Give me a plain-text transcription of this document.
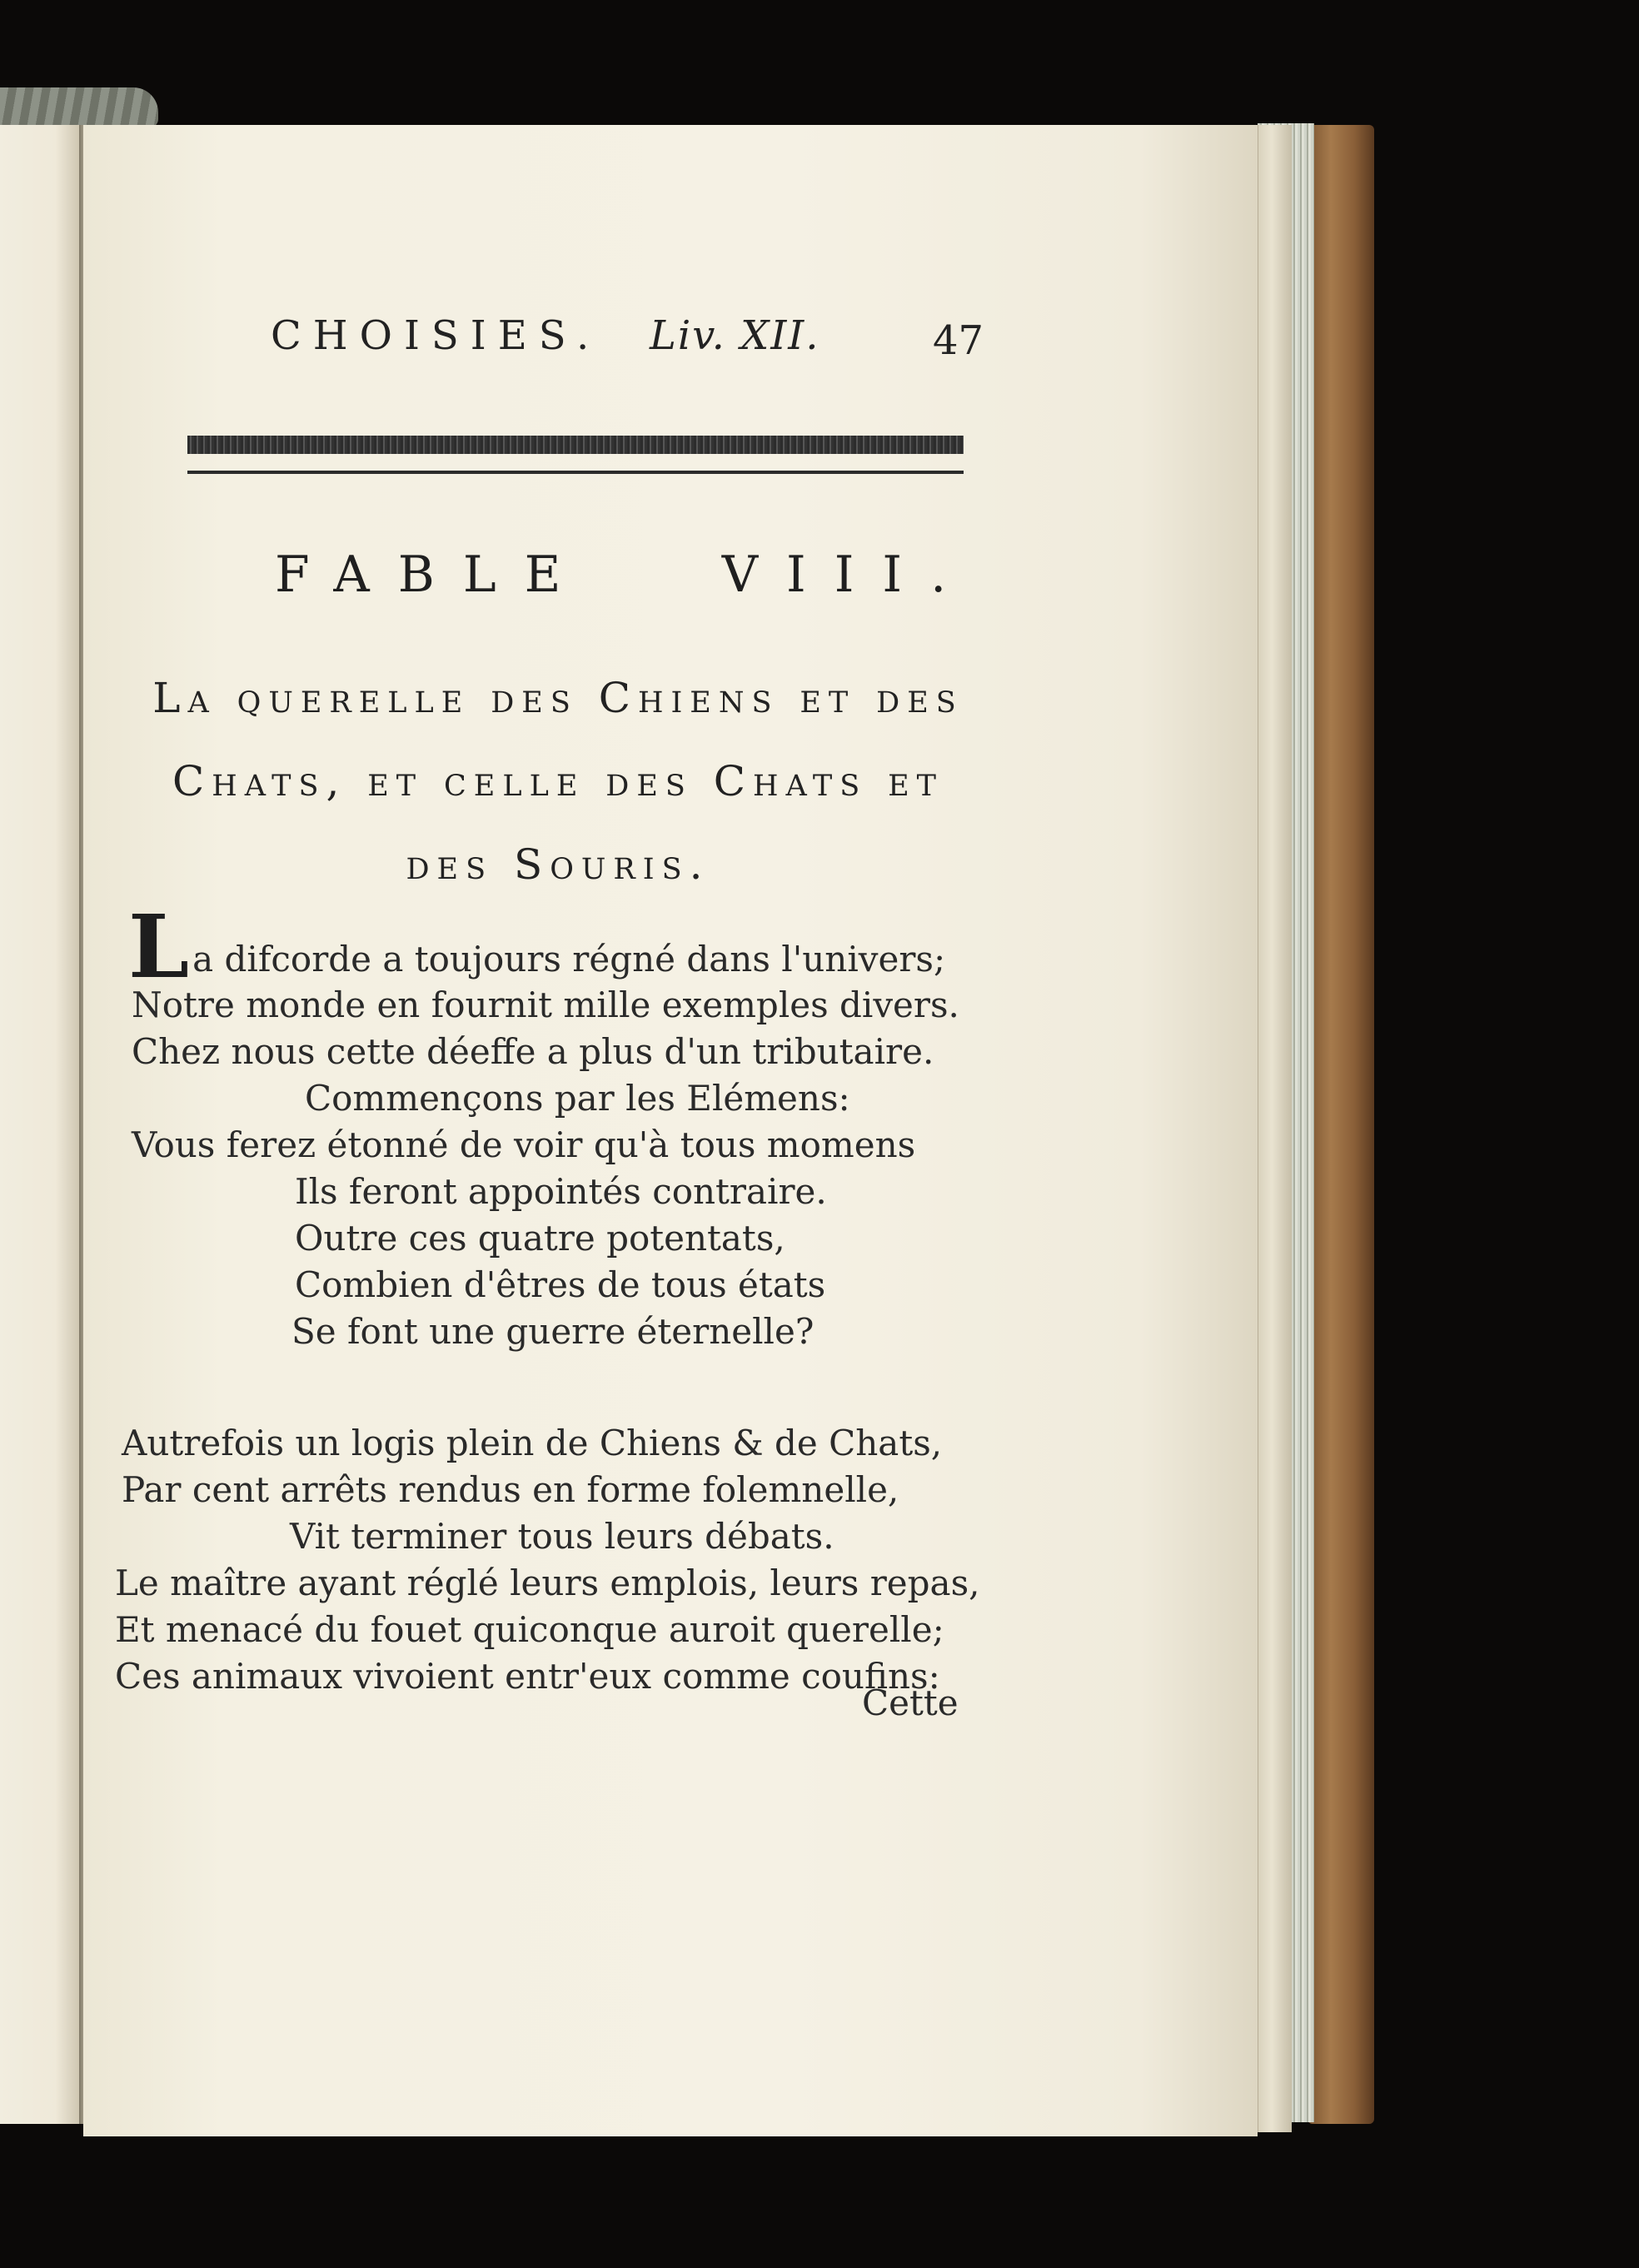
CHOISIES. Liv. XII.	47
FABLE   VIII.
La querelle des Chiens et des
Chats, et celle des Chats et
des Souris.
L a difcorde a toujours régné dans l'univers;
Notre monde en fournit mille exemples divers.
Chez nous cette déeffe a plus d'un tributaire.
Commençons par les Elémens:
Vous ferez étonné de voir qu'à tous momens
Ils feront appointés contraire.
Outre ces quatre potentats,
Combien d'êtres de tous états
Se font une guerre éternelle?
Autrefois un logis plein de Chiens & de Chats,
Par cent arrêts rendus en forme folemnelle,
Vit terminer tous leurs débats.
Le maître ayant réglé leurs emplois, leurs repas,
Et menacé du fouet quiconque auroit querelle;
Ces animaux vivoient entr'eux comme coufins:
Cette
